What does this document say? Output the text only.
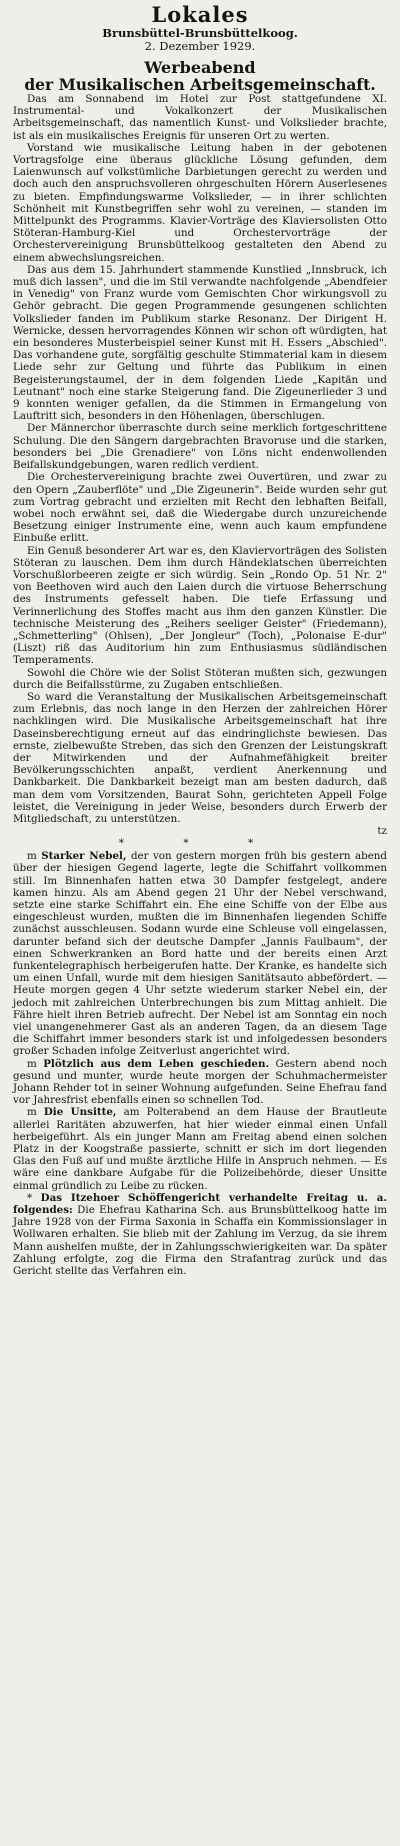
Lokales
Brunsbüttel-Brunsbüttelkoog.
2. Dezember 1929.
Werbeabend
der Musikalischen Arbeitsgemeinschaft.

Das am Sonnabend im Hotel zur Post stattgefundene XI. Instrumental- und Vokalkonzert der Musikalischen Arbeitsgemeinschaft, das namentlich Kunst- und Volkslieder brachte, ist als ein musikalisches Ereignis für unseren Ort zu werten.

Vorstand wie musikalische Leitung haben in der gebotenen Vortragsfolge eine überaus glückliche Lösung gefunden, dem Laienwunsch auf volkstümliche Darbietungen gerecht zu werden und doch auch den anspruchsvolleren ohrgeschulten Hörern Auserlesenes zu bieten. Empfindungswarme Volkslieder, — in ihrer schlichten Schönheit mit Kunstbegriffen sehr wohl zu vereinen, — standen im Mittelpunkt des Programms. Klavier-Vorträge des Klaviersolisten Otto Stöteran-Hamburg-Kiel und Orchestervorträge der Orchestervereinigung Brunsbüttelkoog gestalteten den Abend zu einem abwechslungsreichen.

Das aus dem 15. Jahrhundert stammende Kunstlied „Innsbruck, ich muß dich lassen", und die im Stil verwandte nachfolgende „Abendfeier in Venedig" von Franz wurde vom Gemischten Chor wirkungsvoll zu Gehör gebracht. Die gegen Programmende gesungenen schlichten Volkslieder fanden im Publikum starke Resonanz. Der Dirigent H. Wernicke, dessen hervorragendes Können wir schon oft würdigten, hat ein besonderes Musterbeispiel seiner Kunst mit H. Essers „Abschied". Das vorhandene gute, sorgfältig geschulte Stimmaterial kam in diesem Liede sehr zur Geltung und führte das Publikum in einen Begeisterungstaumel, der in dem folgenden Liede „Kapitän und Leutnant" noch eine starke Steigerung fand. Die Zigeunerlieder 3 und 9 konnten weniger gefallen, da die Stimmen in Ermangelung von Lauftritt sich, besonders in den Höhenlagen, überschlugen.

Der Männerchor überraschte durch seine merklich fortgeschrittene Schulung. Die den Sängern dargebrachten Bravoruse und die starken, besonders bei „Die Grenadiere" von Löns nicht endenwollenden Beifallskundgebungen, waren redlich verdient.

Die Orchestervereinigung brachte zwei Ouvertüren, und zwar zu den Opern „Zauberflöte" und „Die Zigeunerin". Beide wurden sehr gut zum Vortrag gebracht und erzielten mit Recht den lebhaften Beifall, wobei noch erwähnt sei, daß die Wiedergabe durch unzureichende Besetzung einiger Instrumente eine, wenn auch kaum empfundene Einbuße erlitt.

Ein Genuß besonderer Art war es, den Klaviervorträgen des Solisten Stöteran zu lauschen. Dem ihm durch Händeklatschen überreichten Vorschußlorbeeren zeigte er sich würdig. Sein „Rondo Op. 51 Nr. 2" von Beethoven wird auch den Laien durch die virtuose Beherrschung des Instruments gefesselt haben. Die tiefe Erfassung und Verinnerlichung des Stoffes macht aus ihm den ganzen Künstler. Die technische Meisterung des „Reihers seeliger Geister" (Friedemann), „Schmetterling" (Ohlsen), „Der Jongleur" (Toch), „Polonaise E-dur" (Liszt) riß das Auditorium hin zum Enthusiasmus südländischen Temperaments.

Sowohl die Chöre wie der Solist Stöteran mußten sich, gezwungen durch die Beifallsstürme, zu Zugaben entschließen.

So ward die Veranstaltung der Musikalischen Arbeitsgemeinschaft zum Erlebnis, das noch lange in den Herzen der zahlreichen Hörer nachklingen wird. Die Musikalische Arbeitsgemeinschaft hat ihre Daseinsberechtigung erneut auf das eindringlichste bewiesen. Das ernste, zielbewußte Streben, das sich den Grenzen der Leistungskraft der Mitwirkenden und der Aufnahmefähigkeit breiter Bevölkerungsschichten anpaßt, verdient Anerkennung und Dankbarkeit. Die Dankbarkeit bezeigt man am besten dadurch, daß man dem vom Vorsitzenden, Baurat Sohn, gerichteten Appell Folge leistet, die Vereinigung in jeder Weise, besonders durch Erwerb der Mitgliedschaft, zu unterstützen.

tz

* * *

m Starker Nebel, der von gestern morgen früh bis gestern abend über der hiesigen Gegend lagerte, legte die Schiffahrt vollkommen still. Im Binnenhafen hatten etwa 30 Dampfer festgelegt, andere kamen hinzu. Als am Abend gegen 21 Uhr der Nebel verschwand, setzte eine starke Schiffahrt ein. Ehe eine Schiffe von der Elbe aus eingeschleust wurden, mußten die im Binnenhafen liegenden Schiffe zunächst ausschleusen. Sodann wurde eine Schleuse voll eingelassen, darunter befand sich der deutsche Dampfer „Jannis Faulbaum", der einen Schwerkranken an Bord hatte und der bereits einen Arzt funkentelegraphisch herbeigerufen hatte. Der Kranke, es handelte sich um einen Unfall, wurde mit dem hiesigen Sanitätsauto abbefördert. — Heute morgen gegen 4 Uhr setzte wiederum starker Nebel ein, der jedoch mit zahlreichen Unterbrechungen bis zum Mittag anhielt. Die Fähre hielt ihren Betrieb aufrecht. Der Nebel ist am Sonntag ein noch viel unangenehmerer Gast als an anderen Tagen, da an diesem Tage die Schiffahrt immer besonders stark ist und infolgedessen besonders großer Schaden infolge Zeitverlust angerichtet wird.

m Plötzlich aus dem Leben geschieden. Gestern abend noch gesund und munter, wurde heute morgen der Schuhmachermeister Johann Rehder tot in seiner Wohnung aufgefunden. Seine Ehefrau fand vor Jahresfrist ebenfalls einen so schnellen Tod.

m Die Unsitte, am Polterabend an dem Hause der Brautleute allerlei Raritäten abzuwerfen, hat hier wieder einmal einen Unfall herbeigeführt. Als ein junger Mann am Freitag abend einen solchen Platz in der Koogstraße passierte, schnitt er sich im dort liegenden Glas den Fuß auf und mußte ärztliche Hilfe in Anspruch nehmen. — Es wäre eine dankbare Aufgabe für die Polizeibehörde, dieser Unsitte einmal gründlich zu Leibe zu rücken.

* Das Itzehoer Schöffengericht verhandelte Freitag u. a. folgendes: Die Ehefrau Katharina Sch. aus Brunsbüttelkoog hatte im Jahre 1928 von der Firma Saxonia in Schaffa ein Kommissionslager in Wollwaren erhalten. Sie blieb mit der Zahlung im Verzug, da sie ihrem Mann aushelfen mußte, der in Zahlungsschwierigkeiten war. Da später Zahlung erfolgte, zog die Firma den Strafantrag zurück und das Gericht stellte das Verfahren ein.
